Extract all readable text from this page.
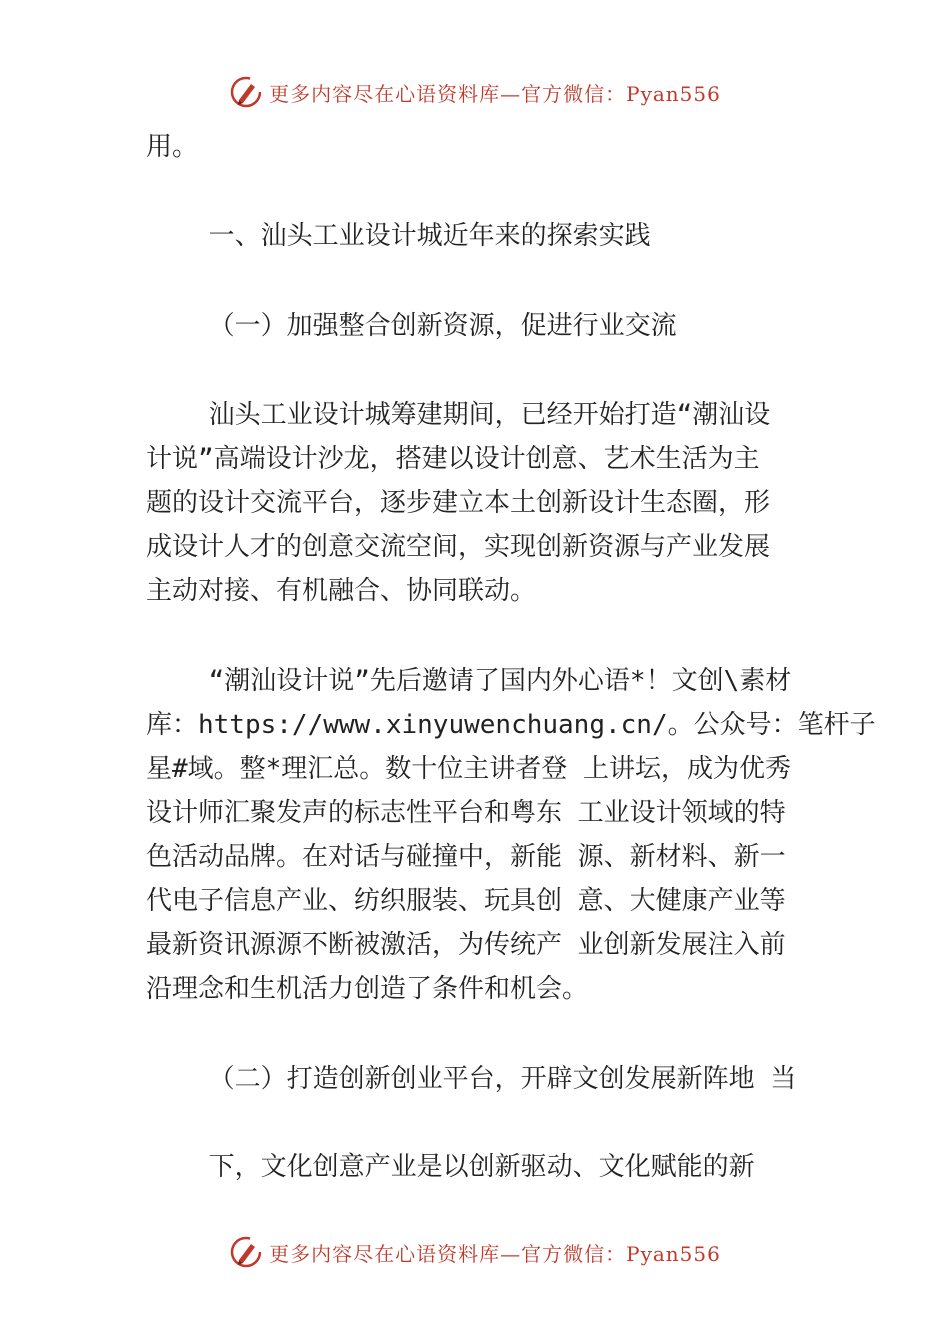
更多内容尽在心语资料库—官方微信：Pyan556
用。
一、汕头工业设计城近年来的探索实践
（一）加强整合创新资源，促进行业交流
汕头工业设计城筹建期间，已经开始打造“潮汕设
计说”高端设计沙龙，搭建以设计创意、艺术生活为主
题的设计交流平台，逐步建立本土创新设计生态圈，形
成设计人才的创意交流空间，实现创新资源与产业发展
主动对接、有机融合、协同联动。
“潮汕设计说”先后邀请了国内外心语*！文创\素材
库：https://www.xinyuwenchuang.cn/。公众号：笔杆子
星#域。整*理汇总。数十位主讲者登 上讲坛，成为优秀
设计师汇聚发声的标志性平台和粤东 工业设计领域的特
色活动品牌。在对话与碰撞中，新能 源、新材料、新一
代电子信息产业、纺织服装、玩具创 意、大健康产业等
最新资讯源源不断被激活，为传统产 业创新发展注入前
沿理念和生机活力创造了条件和机会。
（二）打造创新创业平台，开辟文创发展新阵地 当
下，文化创意产业是以创新驱动、文化赋能的新
更多内容尽在心语资料库—官方微信：Pyan556
